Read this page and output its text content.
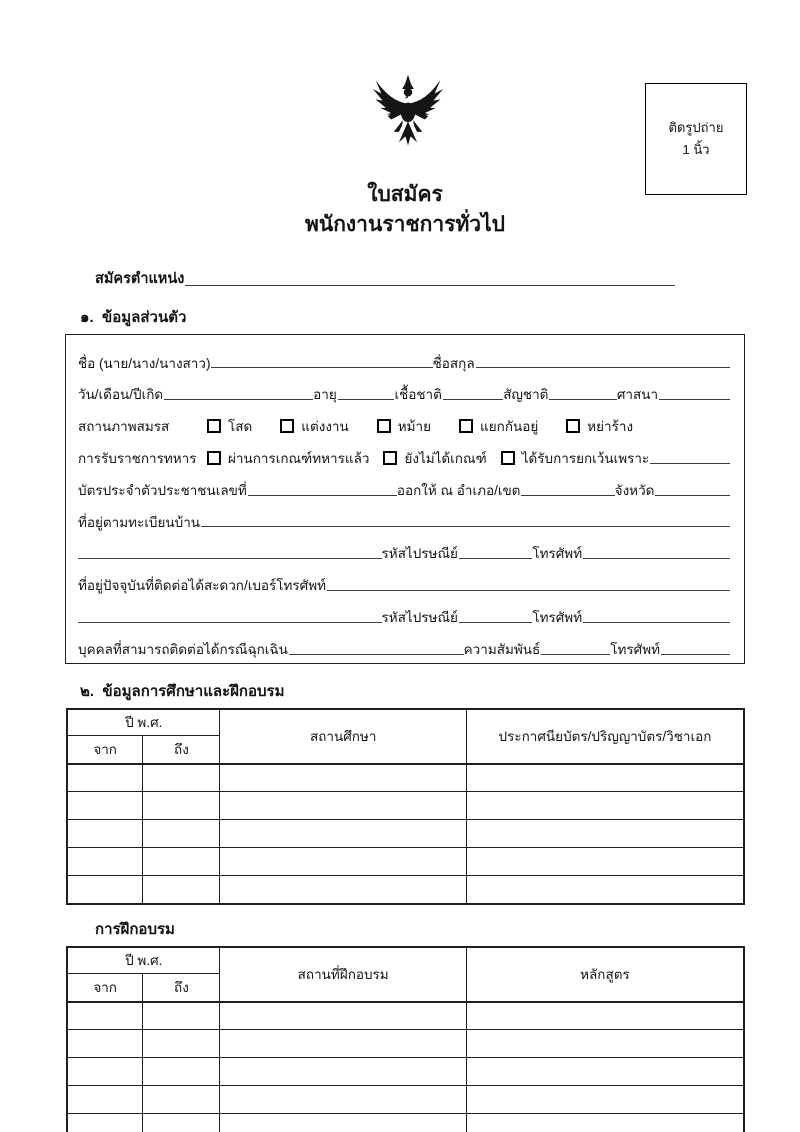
ติดรูปถ่าย
1 นิ้ว
ใบสมัคร
พนักงานราชการทั่วไป
สมัครตำแหน่ง
๑.  ข้อมูลส่วนตัว
ชื่อ (นาย/นาง/นางสาว)	ชื่อสกุล
วัน/เดือน/ปีเกิด	อายุ	เชื้อชาติ	สัญชาติ	ศาสนา
สถานภาพสมรส	โสด	แต่งงาน	หม้าย	แยกกันอยู่	หย่าร้าง
การรับราชการทหาร	ผ่านการเกณฑ์ทหารแล้ว	ยังไม่ได้เกณฑ์	ได้รับการยกเว้นเพราะ
บัตรประจำตัวประชาชนเลขที่	ออกให้ ณ อำเภอ/เขต	จังหวัด
ที่อยู่ตามทะเบียนบ้าน
รหัสไปรษณีย์	โทรศัพท์
ที่อยู่ปัจจุบันที่ติดต่อได้สะดวก/เบอร์โทรศัพท์
รหัสไปรษณีย์	โทรศัพท์
บุคคลที่สามารถติดต่อได้กรณีฉุกเฉิน	ความสัมพันธ์	โทรศัพท์
๒.  ข้อมูลการศึกษาและฝึกอบรม
ปี พ.ศ.		สถานศึกษา	ประกาศนียบัตร/ปริญญาบัตร/วิชาเอก
จาก	ถึง		

การฝึกอบรม
ปี พ.ศ.		สถานที่ฝึกอบรม	หลักสูตร
จาก	ถึง		
